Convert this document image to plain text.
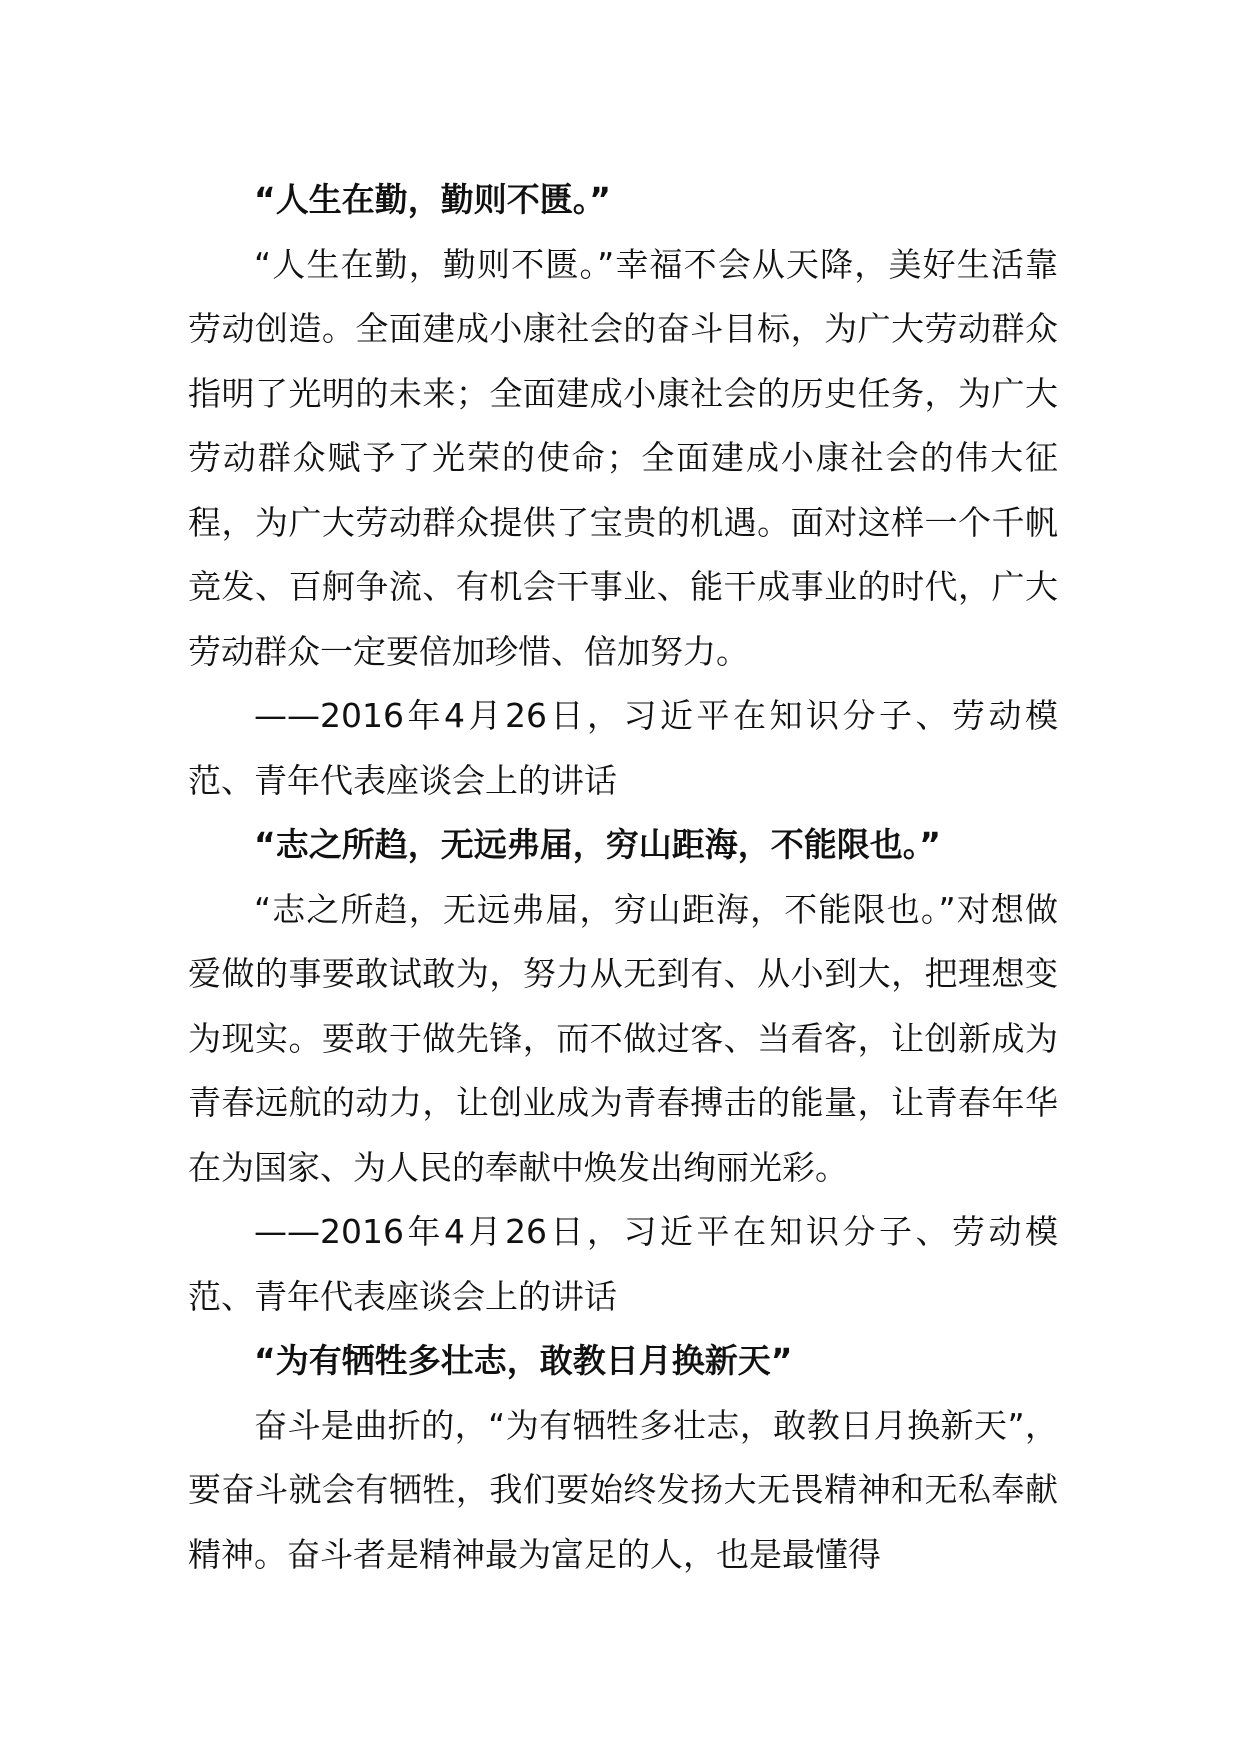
“人生在勤，勤则不匮。”

“人生在勤，勤则不匮。”幸福不会从天降，美好生活靠劳动创造。全面建成小康社会的奋斗目标，为广大劳动群众指明了光明的未来；全面建成小康社会的历史任务，为广大劳动群众赋予了光荣的使命；全面建成小康社会的伟大征程，为广大劳动群众提供了宝贵的机遇。面对这样一个千帆竞发、百舸争流、有机会干事业、能干成事业的时代，广大劳动群众一定要倍加珍惜、倍加努力。

——2016年4月26日，习近平在知识分子、劳动模范、青年代表座谈会上的讲话

“志之所趋，无远弗届，穷山距海，不能限也。”

“志之所趋，无远弗届，穷山距海，不能限也。”对想做爱做的事要敢试敢为，努力从无到有、从小到大，把理想变为现实。要敢于做先锋，而不做过客、当看客，让创新成为青春远航的动力，让创业成为青春搏击的能量，让青春年华在为国家、为人民的奉献中焕发出绚丽光彩。

——2016年4月26日，习近平在知识分子、劳动模范、青年代表座谈会上的讲话

“为有牺牲多壮志，敢教日月换新天”

奋斗是曲折的，“为有牺牲多壮志，敢教日月换新天”，要奋斗就会有牺牲，我们要始终发扬大无畏精神和无私奉献精神。奋斗者是精神最为富足的人，也是最懂得
